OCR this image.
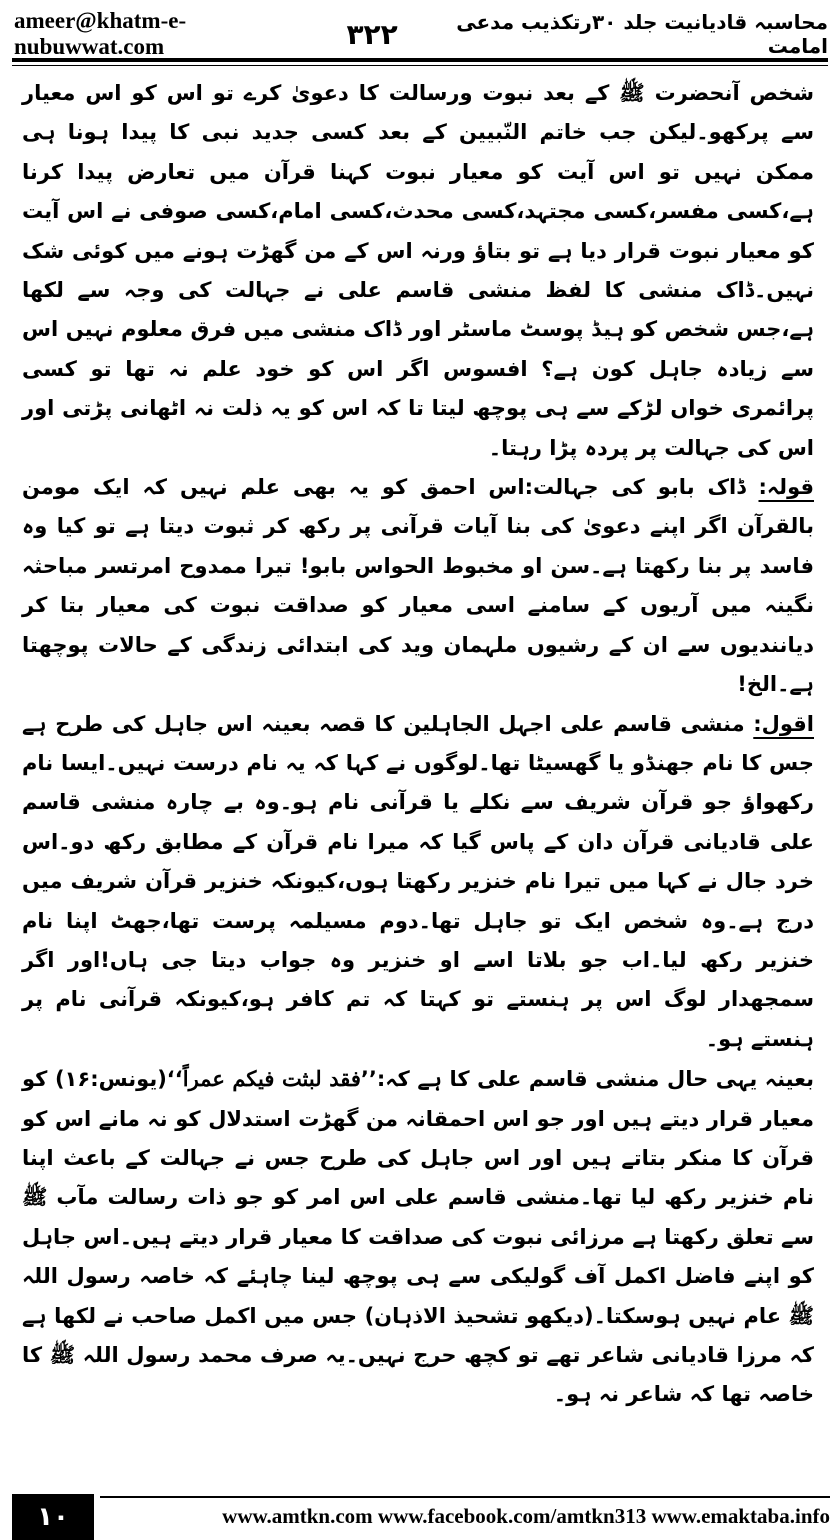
ameer@khatm-e-nubuwwat.com	۳۲۲	محاسبہ قادیانیت جلد ۳۰رتکذیب مدعی امامت

شخص آنحضرت ﷺ کے بعد نبوت ورسالت کا دعویٰ کرے تو اس کو اس معیار سے پرکھو۔لیکن جب خاتم النّبیین کے بعد کسی جدید نبی کا پیدا ہونا ہی ممکن نہیں تو اس آیت کو معیار نبوت کہنا قرآن میں تعارض پیدا کرنا ہے،کسی مفسر،کسی مجتہد،کسی محدث،کسی امام،کسی صوفی نے اس آیت کو معیار نبوت قرار دیا ہے تو بتاؤ ورنہ اس کے من گھڑت ہونے میں کوئی شک نہیں۔ڈاک منشی کا لفظ منشی قاسم علی نے جہالت کی وجہ سے لکھا ہے،جس شخص کو ہیڈ پوسٹ ماسٹر اور ڈاک منشی میں فرق معلوم نہیں اس سے زیادہ جاہل کون ہے؟ افسوس اگر اس کو خود علم نہ تھا تو کسی پرائمری خواں لڑکے سے ہی پوچھ لیتا تا کہ اس کو یہ ذلت نہ اٹھانی پڑتی اور اس کی جہالت پر پردہ پڑا رہتا۔

قولہ: ڈاک بابو کی جہالت:اس احمق کو یہ بھی علم نہیں کہ ایک مومن بالقرآن اگر اپنے دعویٰ کی بنا آیات قرآنی پر رکھ کر ثبوت دیتا ہے تو کیا وہ فاسد پر بنا رکھتا ہے۔سن او مخبوط الحواس بابو! تیرا ممدوح امرتسر مباحثہ نگینہ میں آریوں کے سامنے اسی معیار کو صداقت نبوت کی معیار بتا کر دیانندیوں سے ان کے رشیوں ملہمان وید کی ابتدائی زندگی کے حالات پوچھتا ہے۔الخ!

اقول: منشی قاسم علی اجہل الجاہلین کا قصہ بعینہ اس جاہل کی طرح ہے جس کا نام جھنڈو یا گھسیٹا تھا۔لوگوں نے کہا کہ یہ نام درست نہیں۔ایسا نام رکھواؤ جو قرآن شریف سے نکلے یا قرآنی نام ہو۔وہ بے چارہ منشی قاسم علی قادیانی قرآن دان کے پاس گیا کہ میرا نام قرآن کے مطابق رکھ دو۔اس خرد جال نے کہا میں تیرا نام خنزیر رکھتا ہوں،کیونکہ خنزیر قرآن شریف میں درج ہے۔وہ شخص ایک تو جاہل تھا۔دوم مسیلمہ پرست تھا،جھٹ اپنا نام خنزیر رکھ لیا۔اب جو بلاتا اسے او خنزیر وہ جواب دیتا جی ہاں!اور اگر سمجھدار لوگ اس پر ہنستے تو کہتا کہ تم کافر ہو،کیونکہ قرآنی نام پر ہنستے ہو۔

بعینہ یہی حال منشی قاسم علی کا ہے کہ:’’فقد لبثت فیکم عمراً‘‘(یونس:۱۶) کو معیار قرار دیتے ہیں اور جو اس احمقانہ من گھڑت استدلال کو نہ مانے اس کو قرآن کا منکر بتاتے ہیں اور اس جاہل کی طرح جس نے جہالت کے باعث اپنا نام خنزیر رکھ لیا تھا۔منشی قاسم علی اس امر کو جو ذات رسالت مآب ﷺ سے تعلق رکھتا ہے مرزائی نبوت کی صداقت کا معیار قرار دیتے ہیں۔اس جاہل کو اپنے فاضل اکمل آف گولیکی سے ہی پوچھ لینا چاہئے کہ خاصہ رسول اللہ ﷺ عام نہیں ہوسکتا۔(دیکھو تشحیذ الاذہان) جس میں اکمل صاحب نے لکھا ہے کہ مرزا قادیانی شاعر تھے تو کچھ حرج نہیں۔یہ صرف محمد رسول اللہ ﷺ کا خاصہ تھا کہ شاعر نہ ہو۔

۱۰	www.amtkn.com www.facebook.com/amtkn313 www.emaktaba.info
